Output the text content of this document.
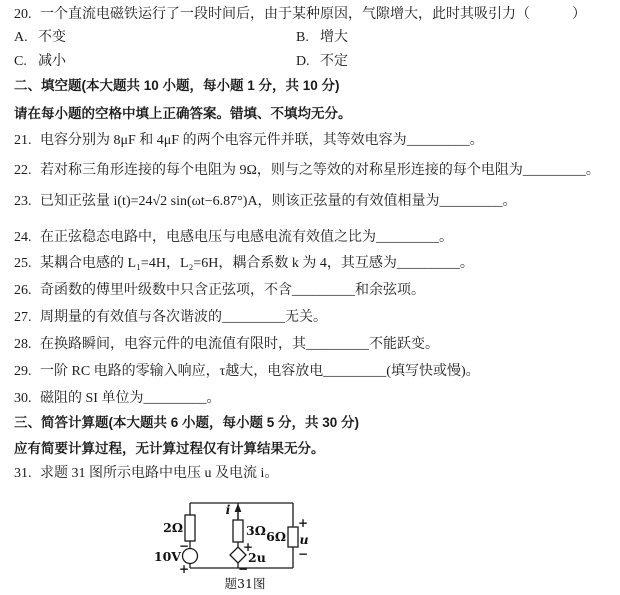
20. 一个直流电磁铁运行了一段时间后，由于某种原因，气隙增大，此时其吸引力（　　　）
A. 不变	B. 增大
C. 减小	D. 不定
二、填空题(本大题共 10 小题，每小题 1 分，共 10 分)
请在每小题的空格中填上正确答案。错填、不填均无分。
21. 电容分别为 8μF 和 4μF 的两个电容元件并联，其等效电容为_________。
22. 若对称三角形连接的每个电阻为 9Ω，则与之等效的对称星形连接的每个电阻为_________。
23. 已知正弦量 i(t)=24√2 sin(ωt−6.87°)A，则该正弦量的有效值相量为_________。
24. 在正弦稳态电路中，电感电压与电感电流有效值之比为_________。
25. 某耦合电感的 L₁=4H，L₂=6H，耦合系数 k 为 4，其互感为_________。
26. 奇函数的傅里叶级数中只含正弦项，不含_________和余弦项。
27. 周期量的有效值与各次谐波的_________无关。
28. 在换路瞬间，电容元件的电流值有限时，其_________不能跃变。
29. 一阶 RC 电路的零输入响应，τ越大，电容放电_________(填写快或慢)。
30. 磁阻的 SI 单位为_________。
三、简答计算题(本大题共 6 小题，每小题 5 分，共 30 分)
应有简要计算过程，无计算过程仅有计算结果无分。
31. 求题 31 图所示电路中电压 u 及电流 i。
2Ω
−
10V
+
i
3Ω
+
2u
−
6Ω
+
u
−
题31图
